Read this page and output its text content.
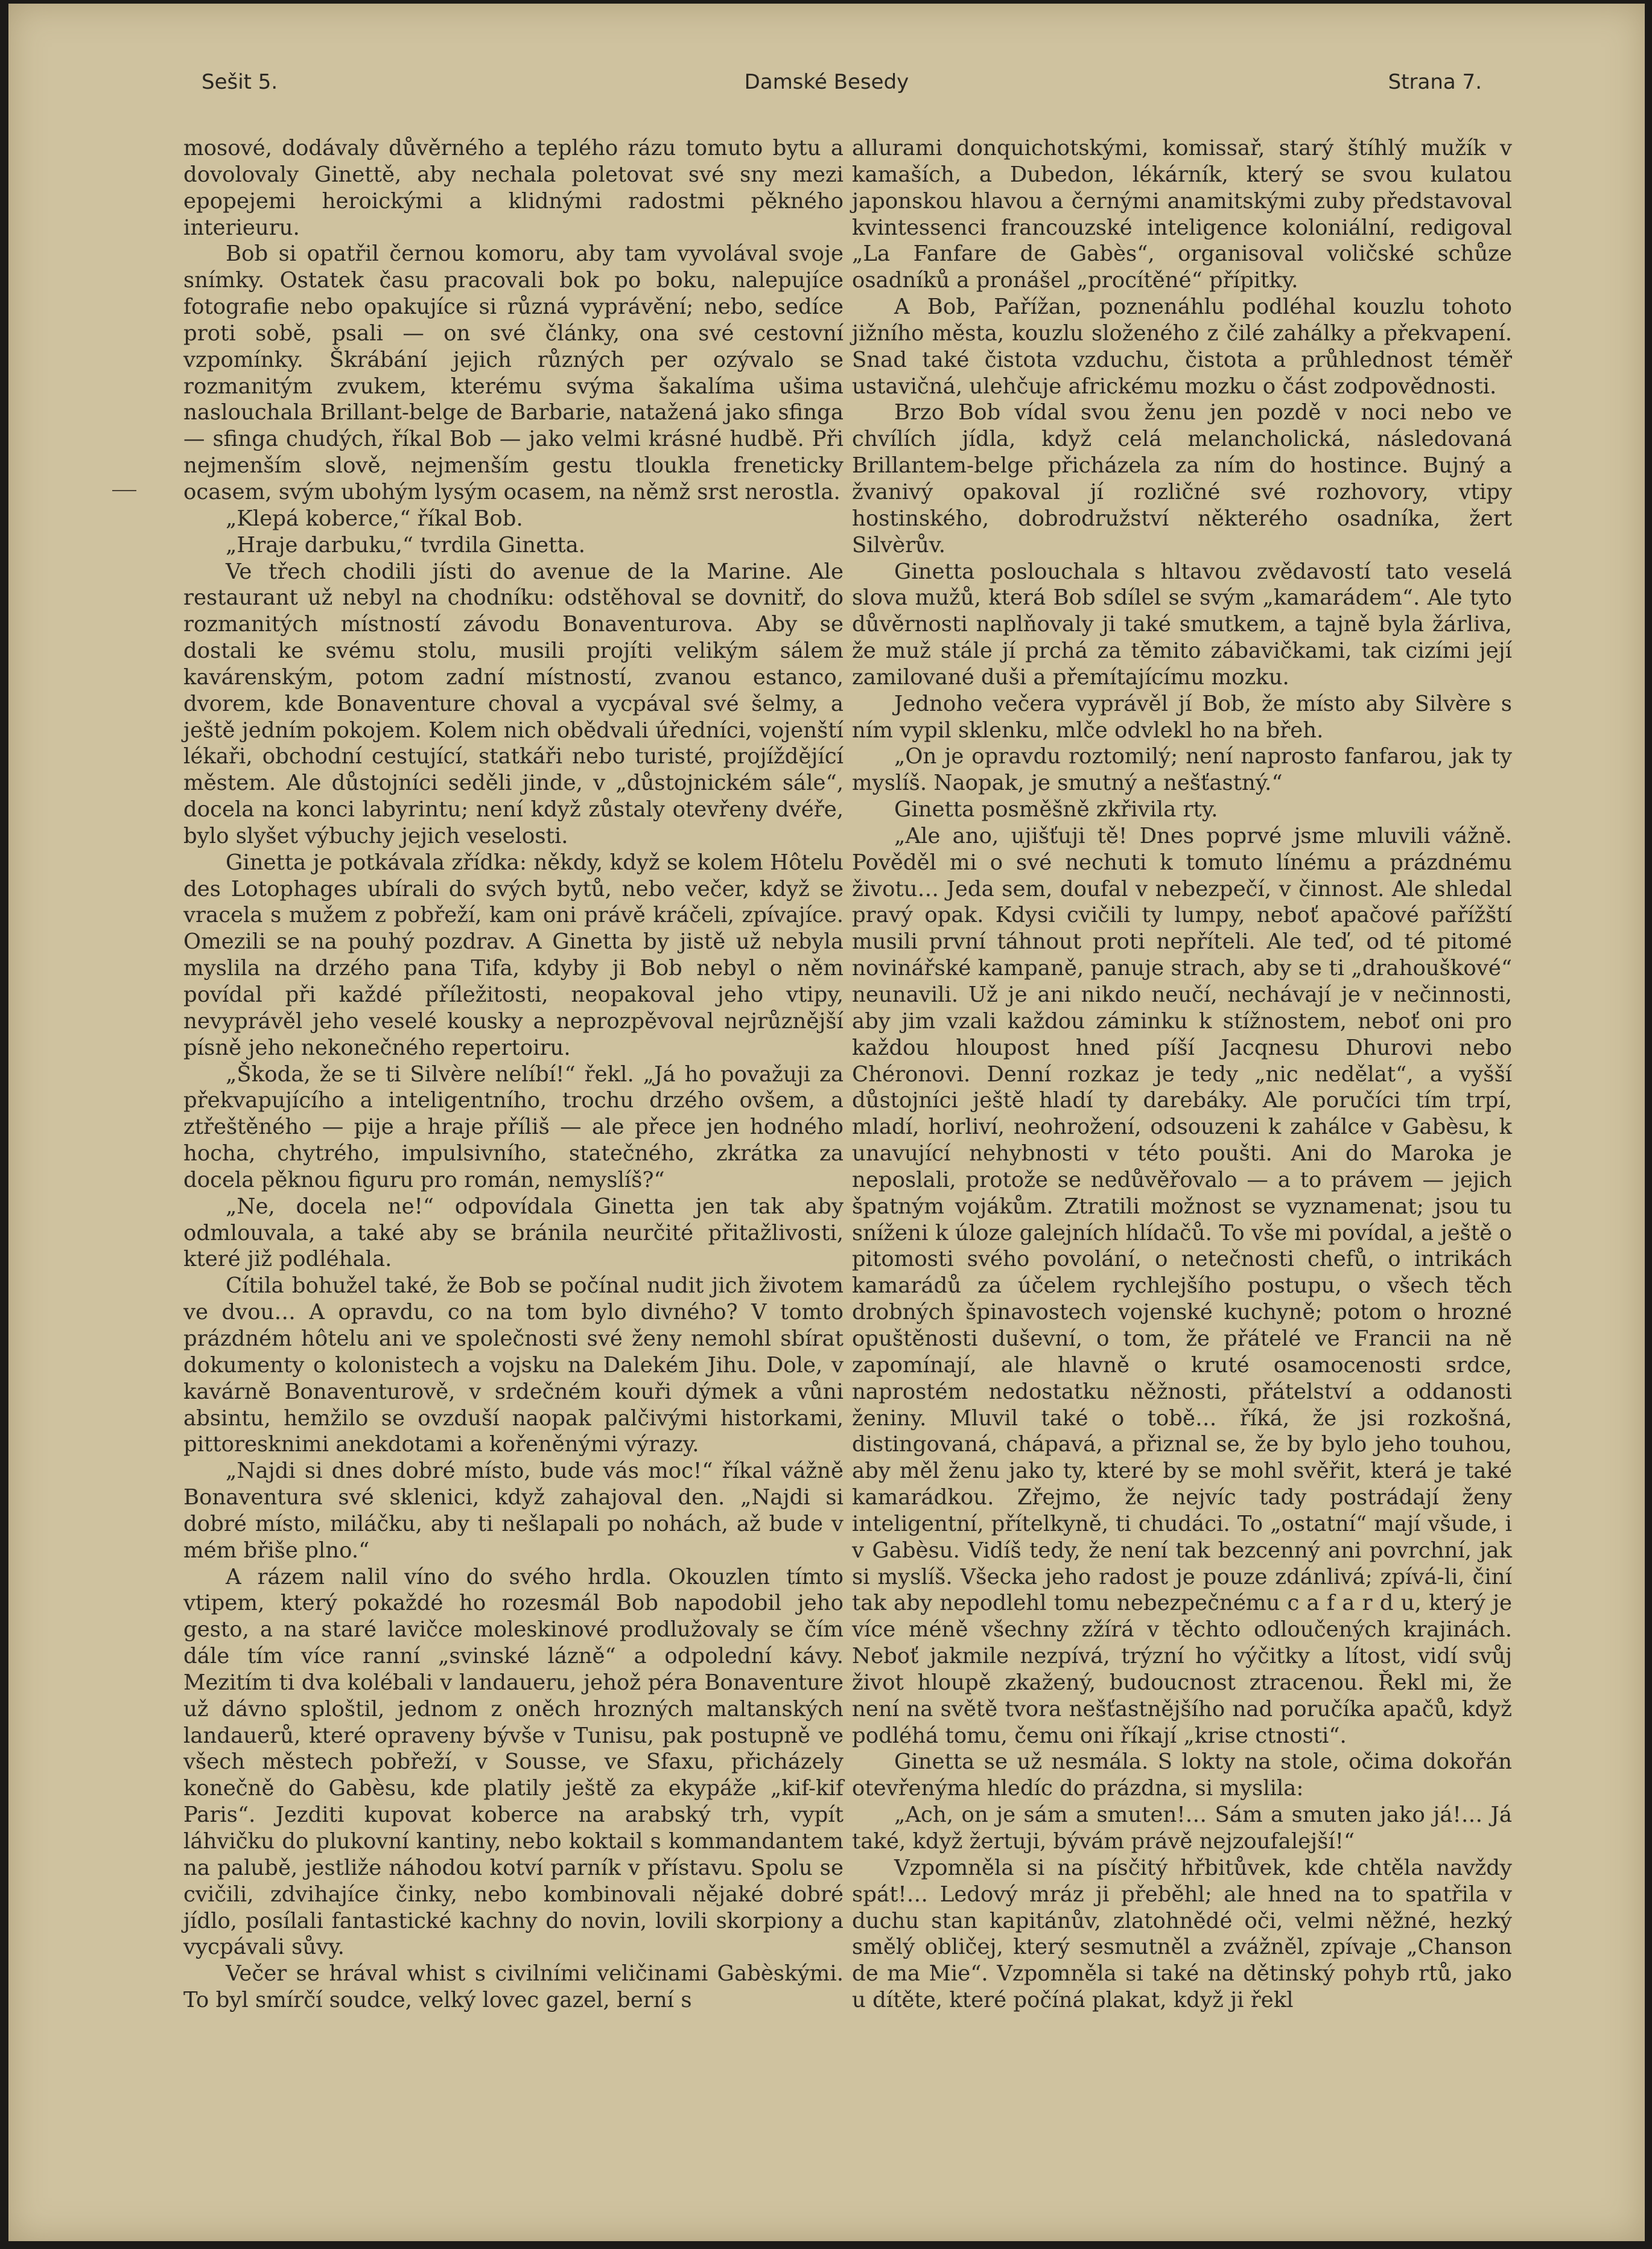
Sešit 5.	Damské Besedy	Strana 7.

mosové, dodávaly důvěrného a teplého rázu tomuto bytu a dovolovaly Ginettě, aby nechala poletovat své sny mezi epopejemi heroickými a klidnými radostmi pěkného interieuru.

Bob si opatřil černou komoru, aby tam vyvolával svoje snímky. Ostatek času pracovali bok po boku, nalepujíce fotografie nebo opakujíce si různá vyprávění; nebo, sedíce proti sobě, psali — on své články, ona své cestovní vzpomínky. Škrábání jejich různých per ozývalo se rozmanitým zvukem, kterému svýma šakalíma ušima naslouchala Brillant-belge de Barbarie, natažená jako sfinga — sfinga chudých, říkal Bob — jako velmi krásné hudbě. Při nejmenším slově, nejmenším gestu tloukla freneticky ocasem, svým ubohým lysým ocasem, na němž srst nerostla.

„Klepá koberce,“ říkal Bob.

„Hraje darbuku,“ tvrdila Ginetta.

Ve třech chodili jísti do avenue de la Marine. Ale restaurant už nebyl na chodníku: odstěhoval se dovnitř, do rozmanitých místností závodu Bonaventurova. Aby se dostali ke svému stolu, musili projíti velikým sálem kavárenským, potom zadní místností, zvanou estanco, dvorem, kde Bonaventure choval a vycpával své šelmy, a ještě jedním pokojem. Kolem nich obědvali úředníci, vojenští lékaři, obchodní cestující, statkáři nebo turisté, projíždějící městem. Ale důstojníci seděli jinde, v „důstojnickém sále“, docela na konci labyrintu; není když zůstaly otevřeny dvéře, bylo slyšet výbuchy jejich veselosti.

Ginetta je potkávala zřídka: někdy, když se kolem Hôtelu des Lotophages ubírali do svých bytů, nebo večer, když se vracela s mužem z pobřeží, kam oni právě kráčeli, zpívajíce. Omezili se na pouhý pozdrav. A Ginetta by jistě už nebyla myslila na drzého pana Tifa, kdyby ji Bob nebyl o něm povídal při každé příležitosti, neopakoval jeho vtipy, nevyprávěl jeho veselé kousky a neprozpěvoval nejrůznější písně jeho nekonečného repertoiru.

„Škoda, že se ti Silvère nelíbí!“ řekl. „Já ho považuji za překvapujícího a inteligentního, trochu drzého ovšem, a ztřeštěného — pije a hraje příliš — ale přece jen hodného hocha, chytrého, impulsivního, statečného, zkrátka za docela pěknou figuru pro román, nemyslíš?“

„Ne, docela ne!“ odpovídala Ginetta jen tak aby odmlouvala, a také aby se bránila neurčité přitažlivosti, které již podléhala.

Cítila bohužel také, že Bob se počínal nudit jich životem ve dvou… A opravdu, co na tom bylo divného? V tomto prázdném hôtelu ani ve společnosti své ženy nemohl sbírat dokumenty o kolonistech a vojsku na Dalekém Jihu. Dole, v kavárně Bonaventurově, v srdečném kouři dýmek a vůni absintu, hemžilo se ovzduší naopak palčivými historkami, pittoresknimi anekdotami a kořeněnými výrazy.

„Najdi si dnes dobré místo, bude vás moc!“ říkal vážně Bonaventura své sklenici, když zahajoval den. „Najdi si dobré místo, miláčku, aby ti nešlapali po nohách, až bude v mém břiše plno.“

A rázem nalil víno do svého hrdla. Okouzlen tímto vtipem, který pokaždé ho rozesmál Bob napodobil jeho gesto, a na staré lavičce moleskinové prodlužovaly se čím dále tím více ranní „svinské lázně“ a odpolední kávy. Mezitím ti dva kolébali v landaueru, jehož péra Bonaventure už dávno sploštil, jednom z oněch hrozných maltanských landauerů, které opraveny bývše v Tunisu, pak postupně ve všech městech pobřeží, v Sousse, ve Sfaxu, přicházely konečně do Gabèsu, kde platily ještě za ekypáže „kif-kif Paris“. Jezditi kupovat koberce na arabský trh, vypít láhvičku do plukovní kantiny, nebo koktail s kommandantem na palubě, jestliže náhodou kotví parník v přístavu. Spolu se cvičili, zdvihajíce činky, nebo kombinovali nějaké dobré jídlo, posílali fantastické kachny do novin, lovili skorpiony a vycpávali sůvy.

Večer se hrával whist s civilními veličinami Gabèskými. To byl smírčí soudce, velký lovec gazel, berní s

allurami donquichotskými, komissař, starý štíhlý mužík v kamaších, a Dubedon, lékárník, který se svou kulatou japonskou hlavou a černými anamitskými zuby představoval kvintessenci francouzské inteligence koloniální, redigoval „La Fanfare de Gabès“, organisoval voličské schůze osadníků a pronášel „procítěné“ přípitky.

A Bob, Pařížan, poznenáhlu podléhal kouzlu tohoto jižního města, kouzlu složeného z čilé zahálky a překvapení. Snad také čistota vzduchu, čistota a průhlednost téměř ustavičná, ulehčuje africkému mozku o část zodpovědnosti.

Brzo Bob vídal svou ženu jen pozdě v noci nebo ve chvílích jídla, když celá melancholická, následovaná Brillantem-belge přicházela za ním do hostince. Bujný a žvanivý opakoval jí rozličné své rozhovory, vtipy hostinského, dobrodružství některého osadníka, žert Silvèrův.

Ginetta poslouchala s hltavou zvědavostí tato veselá slova mužů, která Bob sdílel se svým „kamarádem“. Ale tyto důvěrnosti naplňovaly ji také smutkem, a tajně byla žárliva, že muž stále jí prchá za těmito zábavičkami, tak cizími její zamilované duši a přemítajícímu mozku.

Jednoho večera vyprávěl jí Bob, že místo aby Silvère s ním vypil sklenku, mlče odvlekl ho na břeh.

„On je opravdu roztomilý; není naprosto fanfarou, jak ty myslíš. Naopak, je smutný a nešťastný.“

Ginetta posměšně zkřivila rty.

„Ale ano, ujišťuji tě! Dnes poprvé jsme mluvili vážně. Pověděl mi o své nechuti k tomuto línému a prázdnému životu… Jeda sem, doufal v nebezpečí, v činnost. Ale shledal pravý opak. Kdysi cvičili ty lumpy, neboť apačové pařížští musili první táhnout proti nepříteli. Ale teď, od té pitomé novinářské kampaně, panuje strach, aby se ti „drahouškové“ neunavili. Už je ani nikdo neučí, nechávají je v nečinnosti, aby jim vzali každou záminku k stížnostem, neboť oni pro každou hloupost hned píší Jacqnesu Dhurovi nebo Chéronovi. Denní rozkaz je tedy „nic nedělat“, a vyšší důstojníci ještě hladí ty darebáky. Ale poručíci tím trpí, mladí, horliví, neohrožení, odsouzeni k zahálce v Gabèsu, k unavující nehybnosti v této poušti. Ani do Maroka je neposlali, protože se nedůvěřovalo — a to právem — jejich špatným vojákům. Ztratili možnost se vyznamenat; jsou tu sníženi k úloze galejních hlídačů. To vše mi povídal, a ještě o pitomosti svého povolání, o netečnosti chefů, o intrikách kamarádů za účelem rychlejšího postupu, o všech těch drobných špinavostech vojenské kuchyně; potom o hrozné opuštěnosti duševní, o tom, že přátelé ve Francii na ně zapomínají, ale hlavně o kruté osamocenosti srdce, naprostém nedostatku něžnosti, přátelství a oddanosti ženiny. Mluvil také o tobě… říká, že jsi rozkošná, distingovaná, chápavá, a přiznal se, že by bylo jeho touhou, aby měl ženu jako ty, které by se mohl svěřit, která je také kamarádkou. Zřejmo, že nejvíc tady postrádají ženy inteligentní, přítelkyně, ti chudáci. To „ostatní“ mají všude, i v Gabèsu. Vidíš tedy, že není tak bezcenný ani povrchní, jak si myslíš. Všecka jeho radost je pouze zdánlivá; zpívá-li, činí tak aby nepodlehl tomu nebezpečnému c a f a r d u, který je více méně všechny zžírá v těchto odloučených krajinách. Neboť jakmile nezpívá, trýzní ho výčitky a lítost, vidí svůj život hloupě zkažený, budoucnost ztracenou. Řekl mi, že není na světě tvora nešťastnějšího nad poručíka apačů, když podléhá tomu, čemu oni říkají „krise ctnosti“.

Ginetta se už nesmála. S lokty na stole, očima dokořán otevřenýma hledíc do prázdna, si myslila:

„Ach, on je sám a smuten!… Sám a smuten jako já!… Já také, když žertuji, bývám právě nejzoufalejší!“

Vzpomněla si na písčitý hřbitůvek, kde chtěla navždy spát!… Ledový mráz ji přeběhl; ale hned na to spatřila v duchu stan kapitánův, zlatohnědé oči, velmi něžné, hezký smělý obličej, který sesmutněl a zvážněl, zpívaje „Chanson de ma Mie“. Vzpomněla si také na dětinský pohyb rtů, jako u dítěte, které počíná plakat, když ji řekl
